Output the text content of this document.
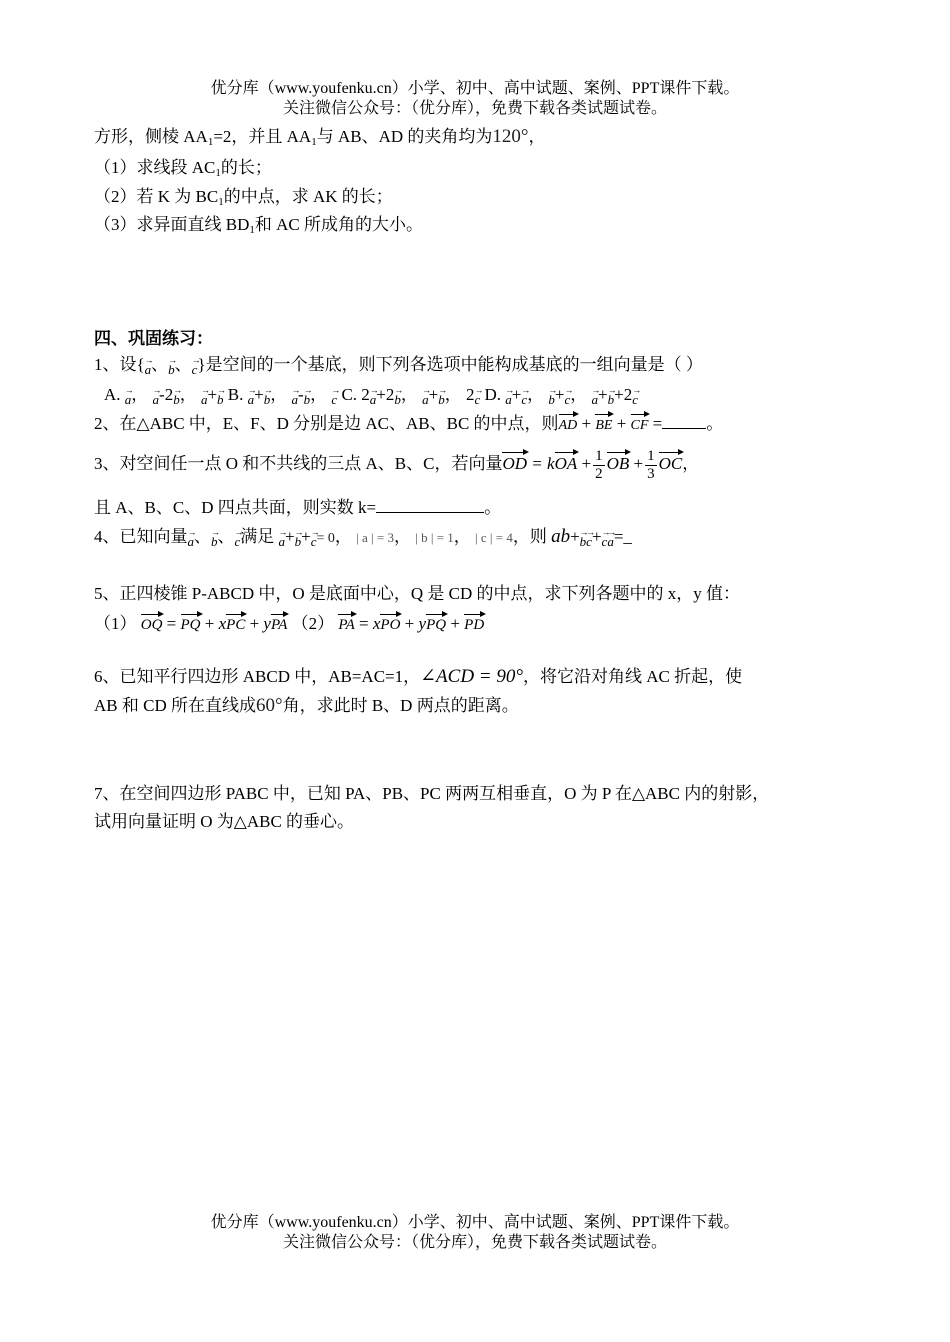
优分库（www.youfenku.cn）小学、初中、高中试题、案例、PPT课件下载。
关注微信公众号：（优分库），免费下载各类试题试卷。
方形，侧棱 $AA_1=2$，并且 $AA_1$与 AB、AD 的夹角均为120°，
（1）求线段 $AC_1$的长；
（2）若 K 为 $BC_1$的中点，求 AK 的长；
（3）求异面直线 $BD_1$和 AC 所成角的大小。
四、巩固练习：
1、设{→ a、→ b、→ c}是空间的一个基底，则下列各选项中能构成基底的一组向量是（ ）
A. → a， → a-2→ b， → a+→ b B. → a+→ b， → a-→ b， → c C. 2→ a+2→ b， → a+→ b， 2→ c D. → a+→ c， → b+→ c， → a+→ b+2→ c
2、在△ABC 中，E、F、D 分别是边 AC、AB、BC 的中点，则AD + BE + CF =	。
3、对空间任一点 O 和不共线的三点 A、B、C，若向量OD = kOA + $\frac{1}{2}$ OB + $\frac{1}{3}$ OC，
且 A、B、C、D 四点共面，则实数 k=	。
4、已知向量→ a、→ b、→ c满足 → a+→ b+→ c= 0， | a | = 3， | b | = 1， | c | = 4，则 ab+→ b→ c+→ c→ a=_
5、正四棱锥 P-ABCD 中，O 是底面中心，Q 是 CD 的中点，求下列各题中的 x，y 值：
（1） OQ = PQ + xPC + yPA （2） PA = xPO + yPQ + PD
6、已知平行四边形 ABCD 中，AB=AC=1，∠ACD = 90°，将它沿对角线 AC 折起，使
AB 和 CD 所在直线成60°角，求此时 B、D 两点的距离。
7、在空间四边形 PABC 中，已知 PA、PB、PC 两两互相垂直，O 为 P 在△ABC 内的射影，
试用向量证明 O 为△ABC 的垂心。
优分库（www.youfenku.cn）小学、初中、高中试题、案例、PPT课件下载。
关注微信公众号：（优分库），免费下载各类试题试卷。
